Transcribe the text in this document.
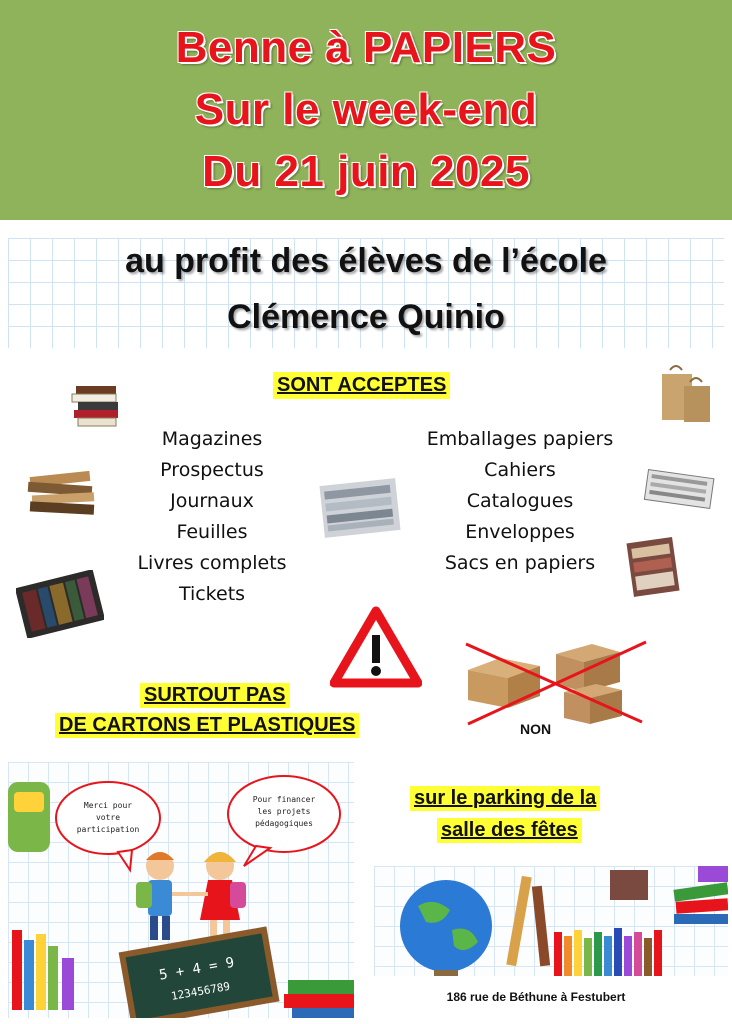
Benne à PAPIERS
Sur le week-end
Du 21 juin 2025
au profit des élèves de l’école
Clémence Quinio
SONT ACCEPTES
Magazines
Prospectus
Journaux
Feuilles
Livres complets
Tickets
Emballages papiers
Cahiers
Catalogues
Enveloppes
Sacs en papiers
SURTOUT PAS
DE CARTONS ET PLASTIQUES	NON
sur le parking de la
salle des fêtes
Merci pour
votre
participation
Pour financer
les projets
pédagogiques
5 + 4 = 9
123456789	186 rue de Béthune à Festubert
